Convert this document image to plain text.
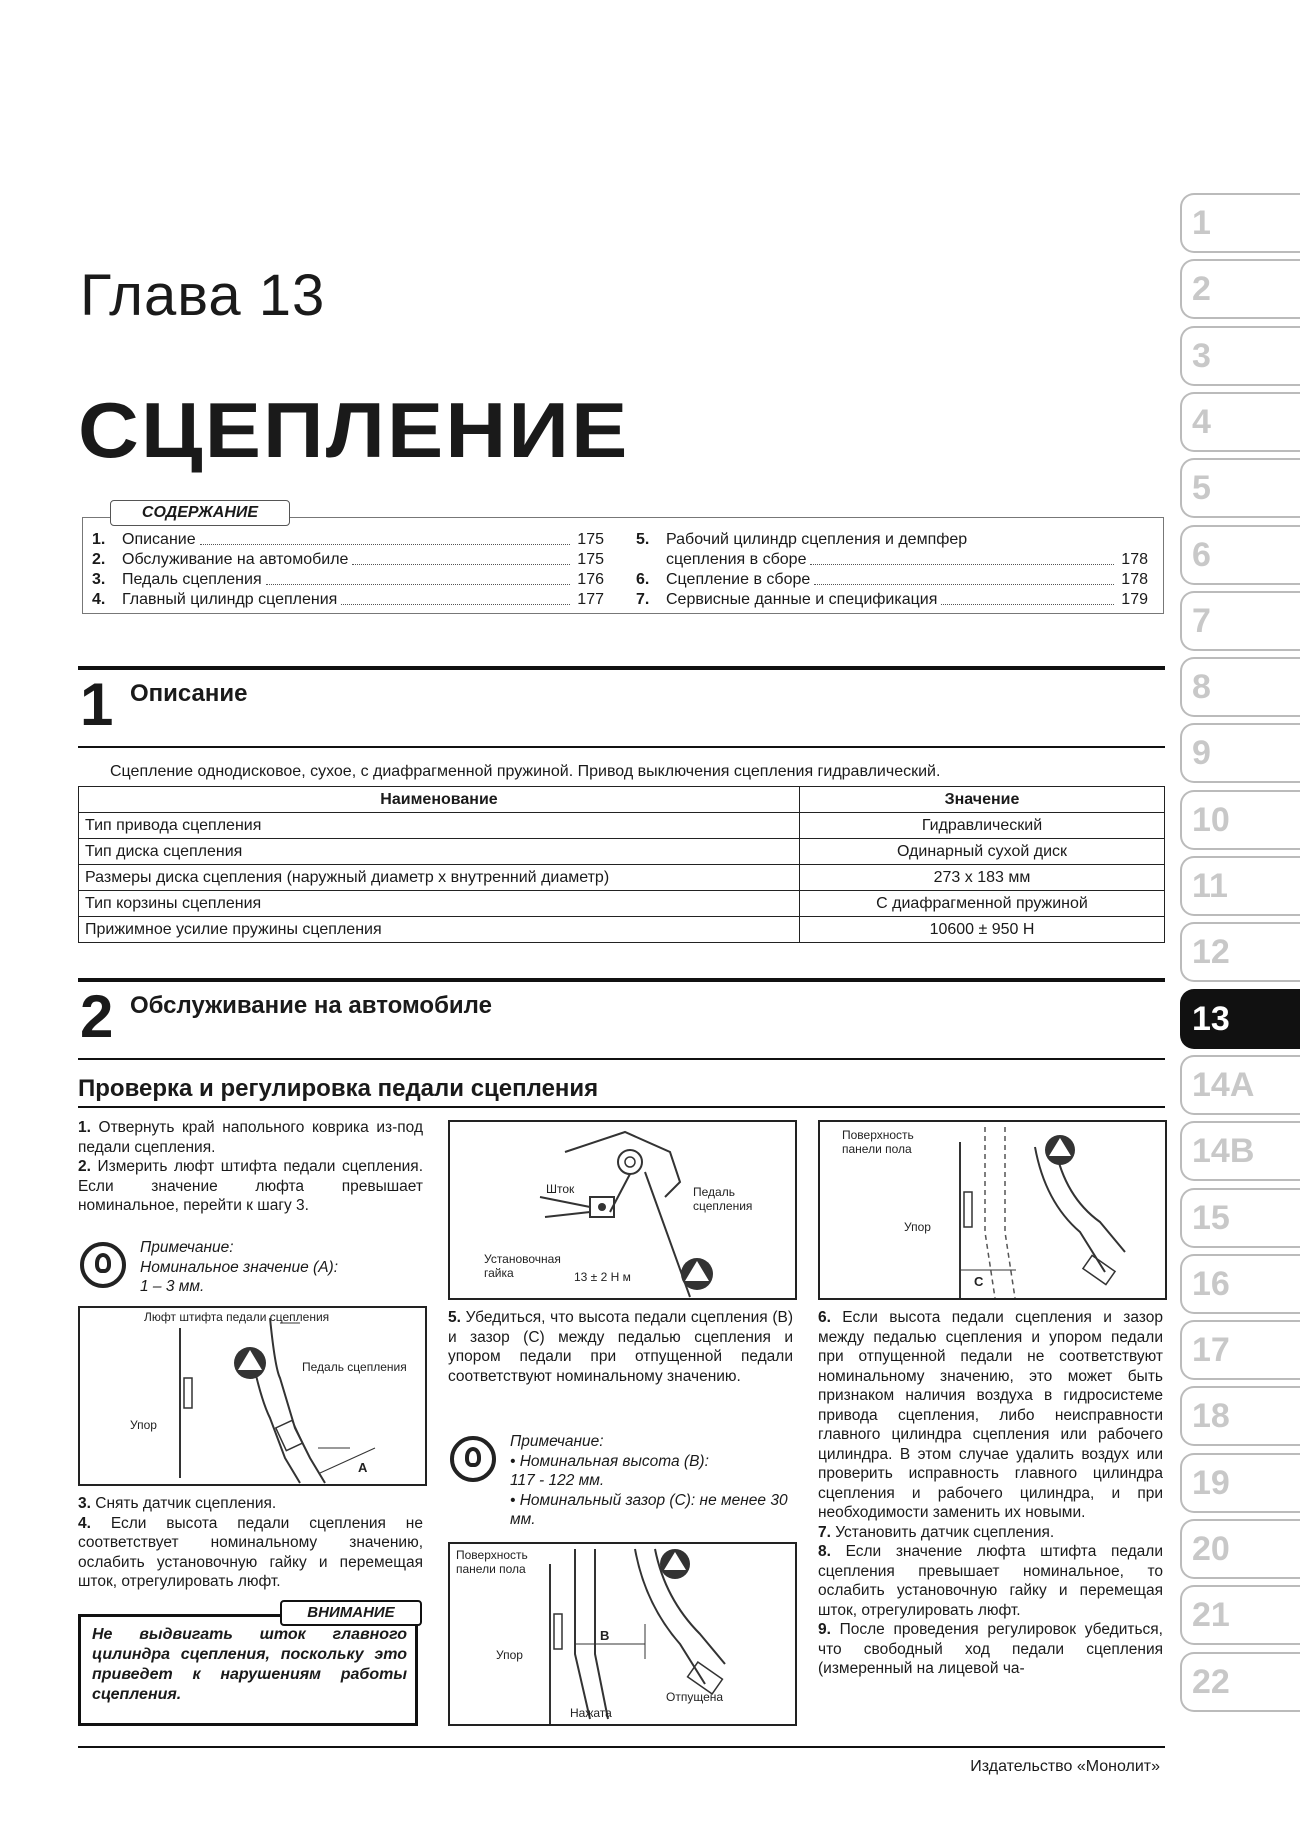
Глава 13
СЦЕПЛЕНИЕ
СОДЕРЖАНИЕ
1.	Описание	175
2.	Обслуживание на автомобиле	175
3.	Педаль сцепления	176
4.	Главный цилиндр сцепления	177
5.	Рабочий цилиндр сцепления и демпфер
сцепления в сборе	178
6.	Сцепление в сборе	178
7.	Сервисные данные и спецификация	179
1 Описание
Сцепление однодисковое, сухое, с диафрагменной пружиной. Привод выключения сцепления гидравлический.
Наименование	Значение
Тип привода сцепления	Гидравлический
Тип диска сцепления	Одинарный сухой диск
Размеры диска сцепления (наружный диаметр x внутренний диаметр)	273 x 183 мм
Тип корзины сцепления	С диафрагменной пружиной
Прижимное усилие пружины сцепления	10600 ± 950 Н
2 Обслуживание на автомобиле
Проверка и регулировка педали сцепления
1. Отвернуть край напольного коврика из-под педали сцепления.
2. Измерить люфт штифта педали сцепления. Если значение люфта превышает номинальное, перейти к шагу 3.
Примечание:
Номинальное значение (А):
1 – 3 мм.
Люфт штифта педали сцепления
Педаль сцепления
Упор
A
3. Снять датчик сцепления.
4. Если высота педали сцепления не соответствует номинальному значению, ослабить установочную гайку и перемещая шток, отрегулировать люфт.
ВНИМАНИЕ
Не выдвигать шток главного цилиндра сцепления, поскольку это приведет к нарушениям работы сцепления.
Шток	Педаль
сцепления
Установочная
гайка	13 ± 2 Н м
5. Убедиться, что высота педали сцепления (В) и зазор (С) между педалью сцепления и упором педали при отпущенной педали соответствуют номинальному значению.
Примечание:
• Номинальная высота (В):
117 - 122 мм.
• Номинальный зазор (С): не менее 30 мм.
Поверхность
панели пола
Упор
B
Нажата
Отпущена
Поверхность
панели пола
Упор
C
6. Если высота педали сцепления и зазор между педалью сцепления и упором педали при отпущенной педали не соответствуют номинальному значению, это может быть признаком наличия воздуха в гидросистеме привода сцепления, либо неисправности главного цилиндра сцепления или рабочего цилиндра. В этом случае удалить воздух или проверить исправность главного цилиндра сцепления и рабочего цилиндра, и при необходимости заменить их новыми.
7. Установить датчик сцепления.
8. Если значение люфта штифта педали сцепления превышает номинальное, то ослабить установочную гайку и перемещая шток, отрегулировать люфт.
9. После проведения регулировок убедиться, что свободный ход педали сцепления (измеренный на лицевой ча-
1
2
3
4
5
6
7
8
9
10
11
12
13
14A
14B
15
16
17
18
19
20
21
22
Издательство «Монолит»
